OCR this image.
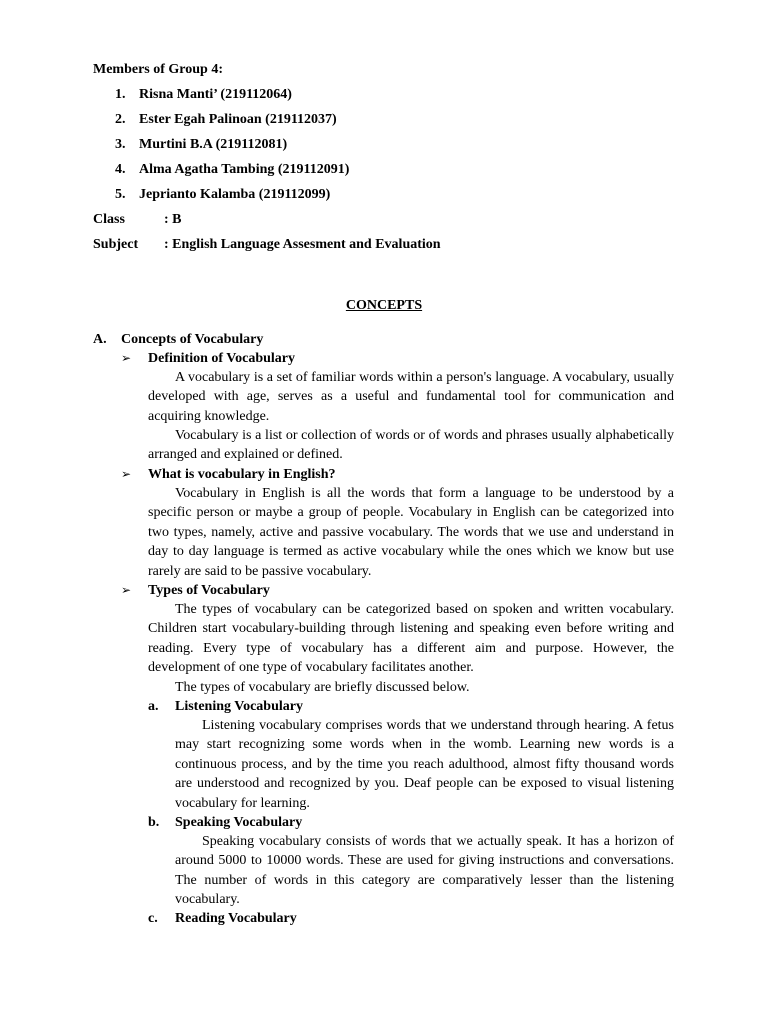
Members of Group 4:
1. Risna Manti’ (219112064)
2. Ester Egah Palinoan (219112037)
3. Murtini B.A (219112081)
4. Alma Agatha Tambing (219112091)
5. Jeprianto Kalamba (219112099)
Class	: B
Subject : English Language Assesment and Evaluation
CONCEPTS
A. Concepts of Vocabulary
➢ Definition of Vocabulary
A vocabulary is a set of familiar words within a person's language. A vocabulary, usually developed with age, serves as a useful and fundamental tool for communication and acquiring knowledge.
Vocabulary is a list or collection of words or of words and phrases usually alphabetically arranged and explained or defined.
➢ What is vocabulary in English?
Vocabulary in English is all the words that form a language to be understood by a specific person or maybe a group of people. Vocabulary in English can be categorized into two types, namely, active and passive vocabulary. The words that we use and understand in day to day language is termed as active vocabulary while the ones which we know but use rarely are said to be passive vocabulary.
➢ Types of Vocabulary
The types of vocabulary can be categorized based on spoken and written vocabulary. Children start vocabulary-building through listening and speaking even before writing and reading. Every type of vocabulary has a different aim and purpose. However, the development of one type of vocabulary facilitates another.
The types of vocabulary are briefly discussed below.
a. Listening Vocabulary
Listening vocabulary comprises words that we understand through hearing. A fetus may start recognizing some words when in the womb. Learning new words is a continuous process, and by the time you reach adulthood, almost fifty thousand words are understood and recognized by you. Deaf people can be exposed to visual listening vocabulary for learning.
b. Speaking Vocabulary
Speaking vocabulary consists of words that we actually speak. It has a horizon of around 5000 to 10000 words. These are used for giving instructions and conversations. The number of words in this category are comparatively lesser than the listening vocabulary.
c. Reading Vocabulary
